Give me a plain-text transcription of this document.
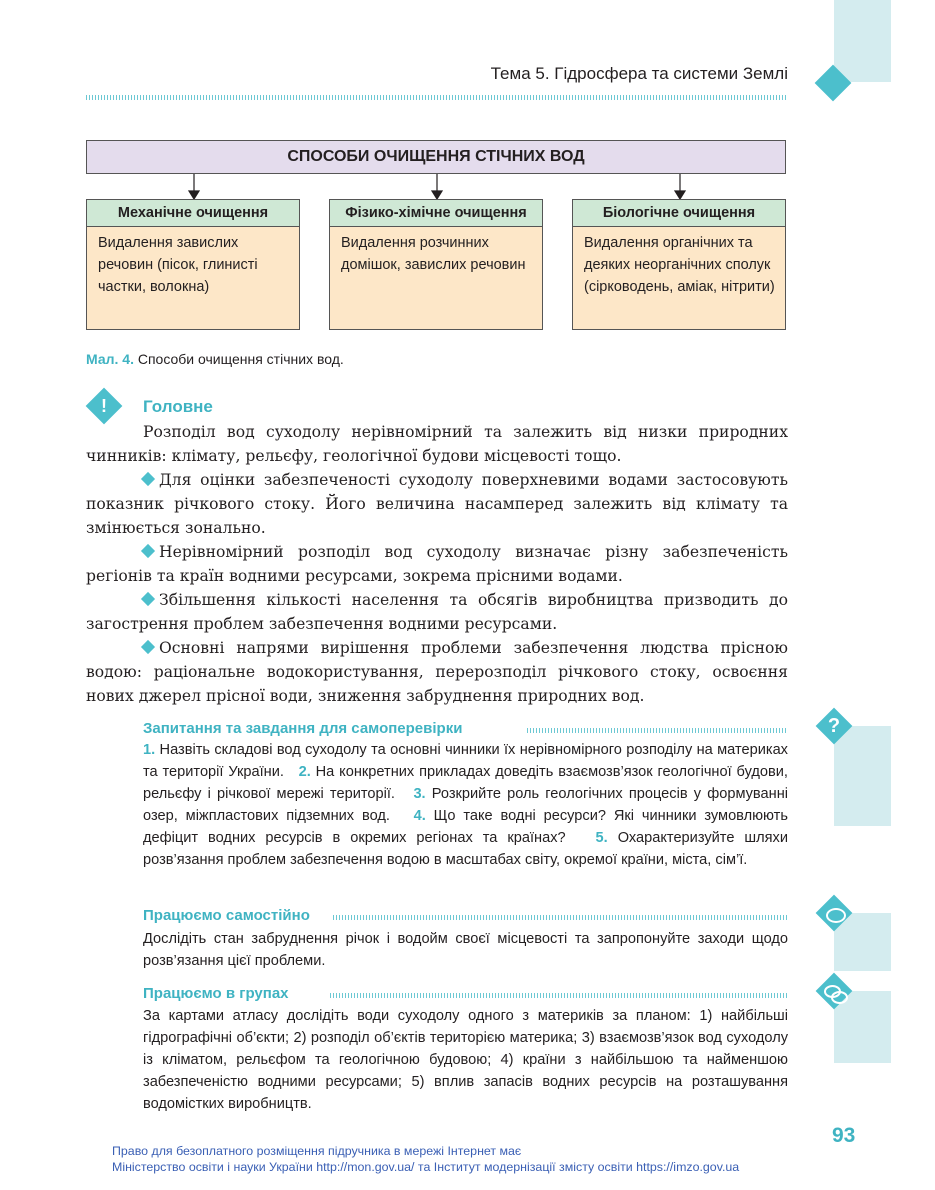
?
Тема 5. Гідросфера та системи Землі
СПОСОБИ ОЧИЩЕННЯ СТІЧНИХ ВОД
Механічне очищення
Видалення завислих речовин (пісок, глинисті частки, волокна)
Фізико-хімічне очищення
Видалення розчинних домішок, завислих речовин
Біологічне очищення
Видалення органічних та деяких неорганічних сполук (сірководень, аміак, нітрити)
Мал. 4. Способи очищення стічних вод.
!	Головне

Розподіл вод суходолу нерівномірний та залежить від низки природних чинників: клімату, рельєфу, геологічної будови місцевості тощо.

Для оцінки забезпеченості суходолу поверхневими водами застосовують показник річкового стоку. Його величина насамперед залежить від клімату та змінюється зонально.

Нерівномірний розподіл вод суходолу визначає різну забезпеченість регіонів та країн водними ресурсами, зокрема прісними водами.

Збільшення кількості населення та обсягів виробництва призводить до загострення проблем забезпечення водними ресурсами.

Основні напрями вирішення проблеми забезпечення людства прісною водою: раціональне водокористування, перерозподіл річкового стоку, освоєння нових джерел прісної води, зниження забруднення природних вод.

Запитання та завдання для самоперевірки
1. Назвіть складові вод суходолу та основні чинники їх нерівномірного розподілу на материках та території України. 2. На конкретних прикладах доведіть взаємозв’язок геологічної будови, рельєфу і річкової мережі території. 3. Розкрийте роль геологічних процесів у формуванні озер, міжпластових підземних вод. 4. Що таке водні ресурси? Які чинники зумовлюють дефіцит водних ресурсів в окремих регіонах та країнах? 5. Охарактеризуйте шляхи розв’язання проблем забезпечення водою в масштабах світу, окремої країни, міста, сім’ї.
Працюємо самостійно
Дослідіть стан забруднення річок і водойм своєї місцевості та запропонуйте заходи щодо розв’язання цієї проблеми.
Працюємо в групах
За картами атласу дослідіть води суходолу одного з материків за планом: 1) найбільші гідрографічні об’єкти; 2) розподіл об’єктів територією материка; 3) взаємозв’язок вод суходолу із кліматом, рельєфом та геологічною будовою; 4) країни з найбільшою та найменшою забезпеченістю водними ресурсами; 5) вплив запасів водних ресурсів на розташування водомістких виробництв.
93
Право для безоплатного розміщення підручника в мережі Інтернет має
Міністерство освіти і науки України http://mon.gov.ua/ та Інститут модернізації змісту освіти https://imzo.gov.ua
